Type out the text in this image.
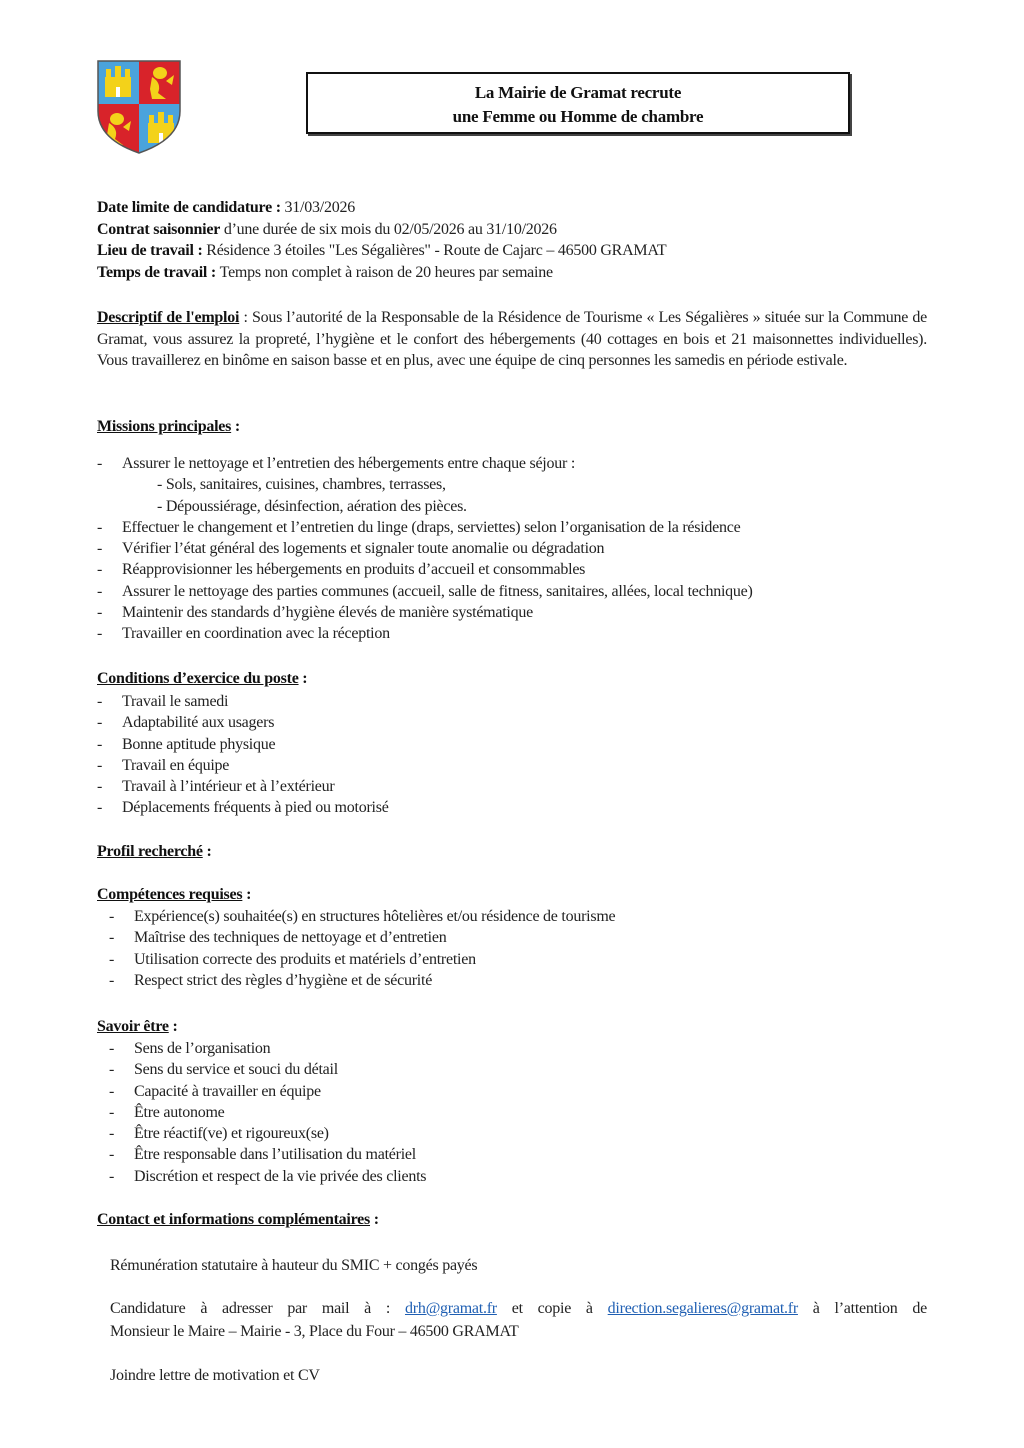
La Mairie de Gramat recrute
une Femme ou Homme de chambre
Date limite de candidature : 31/03/2026
Contrat saisonnier d’une durée de six mois du 02/05/2026 au 31/10/2026
Lieu de travail : Résidence 3 étoiles "Les Ségalières" - Route de Cajarc – 46500 GRAMAT
Temps de travail : Temps non complet à raison de 20 heures par semaine
Descriptif de l'emploi : Sous l’autorité de la Responsable de la Résidence de Tourisme « Les Ségalières » située sur la Commune de Gramat, vous assurez la propreté, l’hygiène et le confort des hébergements (40 cottages en bois et 21 maisonnettes individuelles). Vous travaillerez en binôme en saison basse et en plus, avec une équipe de cinq personnes les samedis en période estivale.
Missions principales :
- Assurer le nettoyage et l’entretien des hébergements entre chaque séjour :
- Sols, sanitaires, cuisines, chambres, terrasses,
- Dépoussiérage, désinfection, aération des pièces.
- Effectuer le changement et l’entretien du linge (draps, serviettes) selon l’organisation de la résidence
- Vérifier l’état général des logements et signaler toute anomalie ou dégradation
- Réapprovisionner les hébergements en produits d’accueil et consommables
- Assurer le nettoyage des parties communes (accueil, salle de fitness, sanitaires, allées, local technique)
- Maintenir des standards d’hygiène élevés de manière systématique
- Travailler en coordination avec la réception
Conditions d’exercice du poste :
- Travail le samedi
- Adaptabilité aux usagers
- Bonne aptitude physique
- Travail en équipe
- Travail à l’intérieur et à l’extérieur
- Déplacements fréquents à pied ou motorisé
Profil recherché :
Compétences requises :
- Expérience(s) souhaitée(s) en structures hôtelières et/ou résidence de tourisme
- Maîtrise des techniques de nettoyage et d’entretien
- Utilisation correcte des produits et matériels d’entretien
- Respect strict des règles d’hygiène et de sécurité
Savoir être :
- Sens de l’organisation
- Sens du service et souci du détail
- Capacité à travailler en équipe
- Être autonome
- Être réactif(ve) et rigoureux(se)
- Être responsable dans l’utilisation du matériel
- Discrétion et respect de la vie privée des clients
Contact et informations complémentaires :
Rémunération statutaire à hauteur du SMIC + congés payés
Candidature à adresser par mail à : drh@gramat.fr et copie à direction.segalieres@gramat.fr à l’attention de
Monsieur le Maire – Mairie - 3, Place du Four – 46500 GRAMAT
Joindre lettre de motivation et CV
